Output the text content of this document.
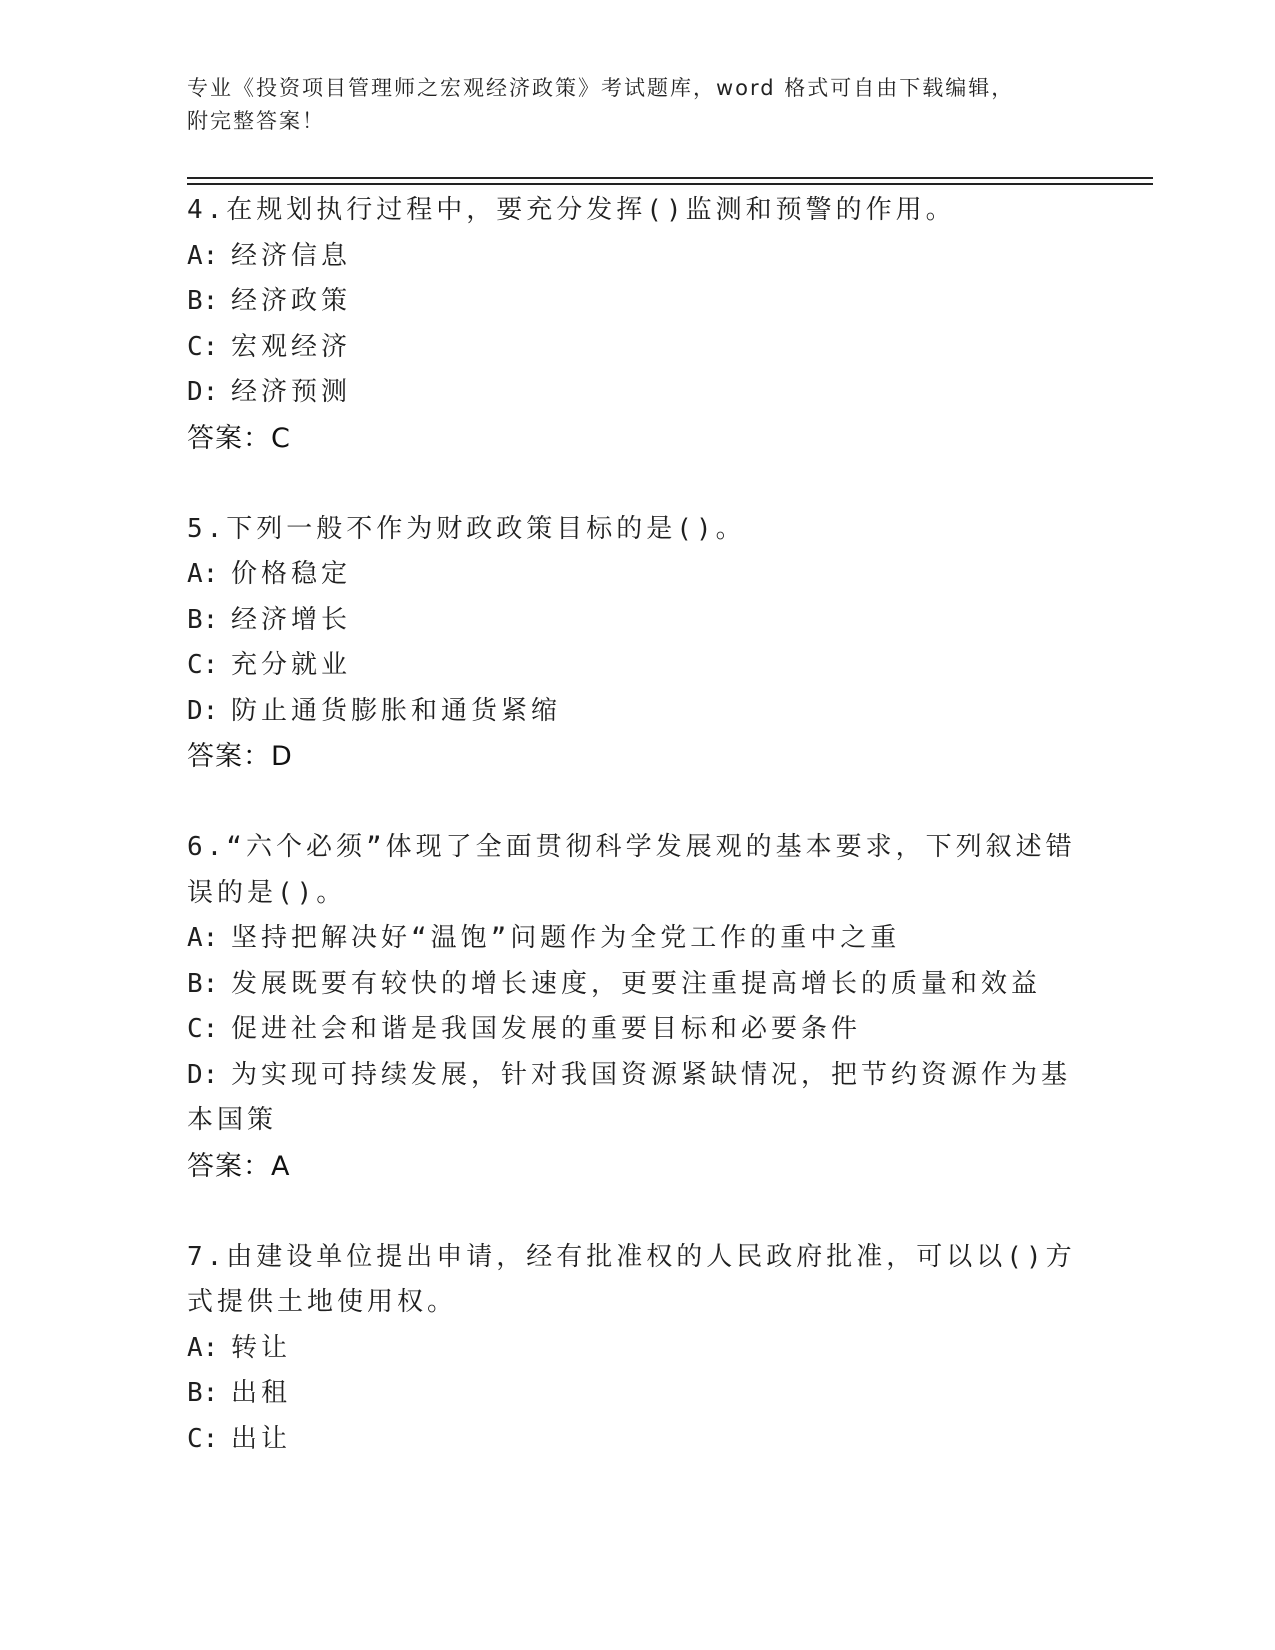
专业《投资项目管理师之宏观经济政策》考试题库，word 格式可自由下载编辑，

附完整答案！

4.在规划执行过程中，要充分发挥()监测和预警的作用。

A: 经济信息

B: 经济政策

C: 宏观经济

D: 经济预测

答案：C

5.下列一般不作为财政政策目标的是()。

A: 价格稳定

B: 经济增长

C: 充分就业

D: 防止通货膨胀和通货紧缩

答案：D

6.“六个必须”体现了全面贯彻科学发展观的基本要求，下列叙述错误的是()。

A: 坚持把解决好“温饱”问题作为全党工作的重中之重

B: 发展既要有较快的增长速度，更要注重提高增长的质量和效益

C: 促进社会和谐是我国发展的重要目标和必要条件

D: 为实现可持续发展，针对我国资源紧缺情况，把节约资源作为基本国策

答案：A

7.由建设单位提出申请，经有批准权的人民政府批准，可以以()方式提供土地使用权。

A: 转让

B: 出租

C: 出让
